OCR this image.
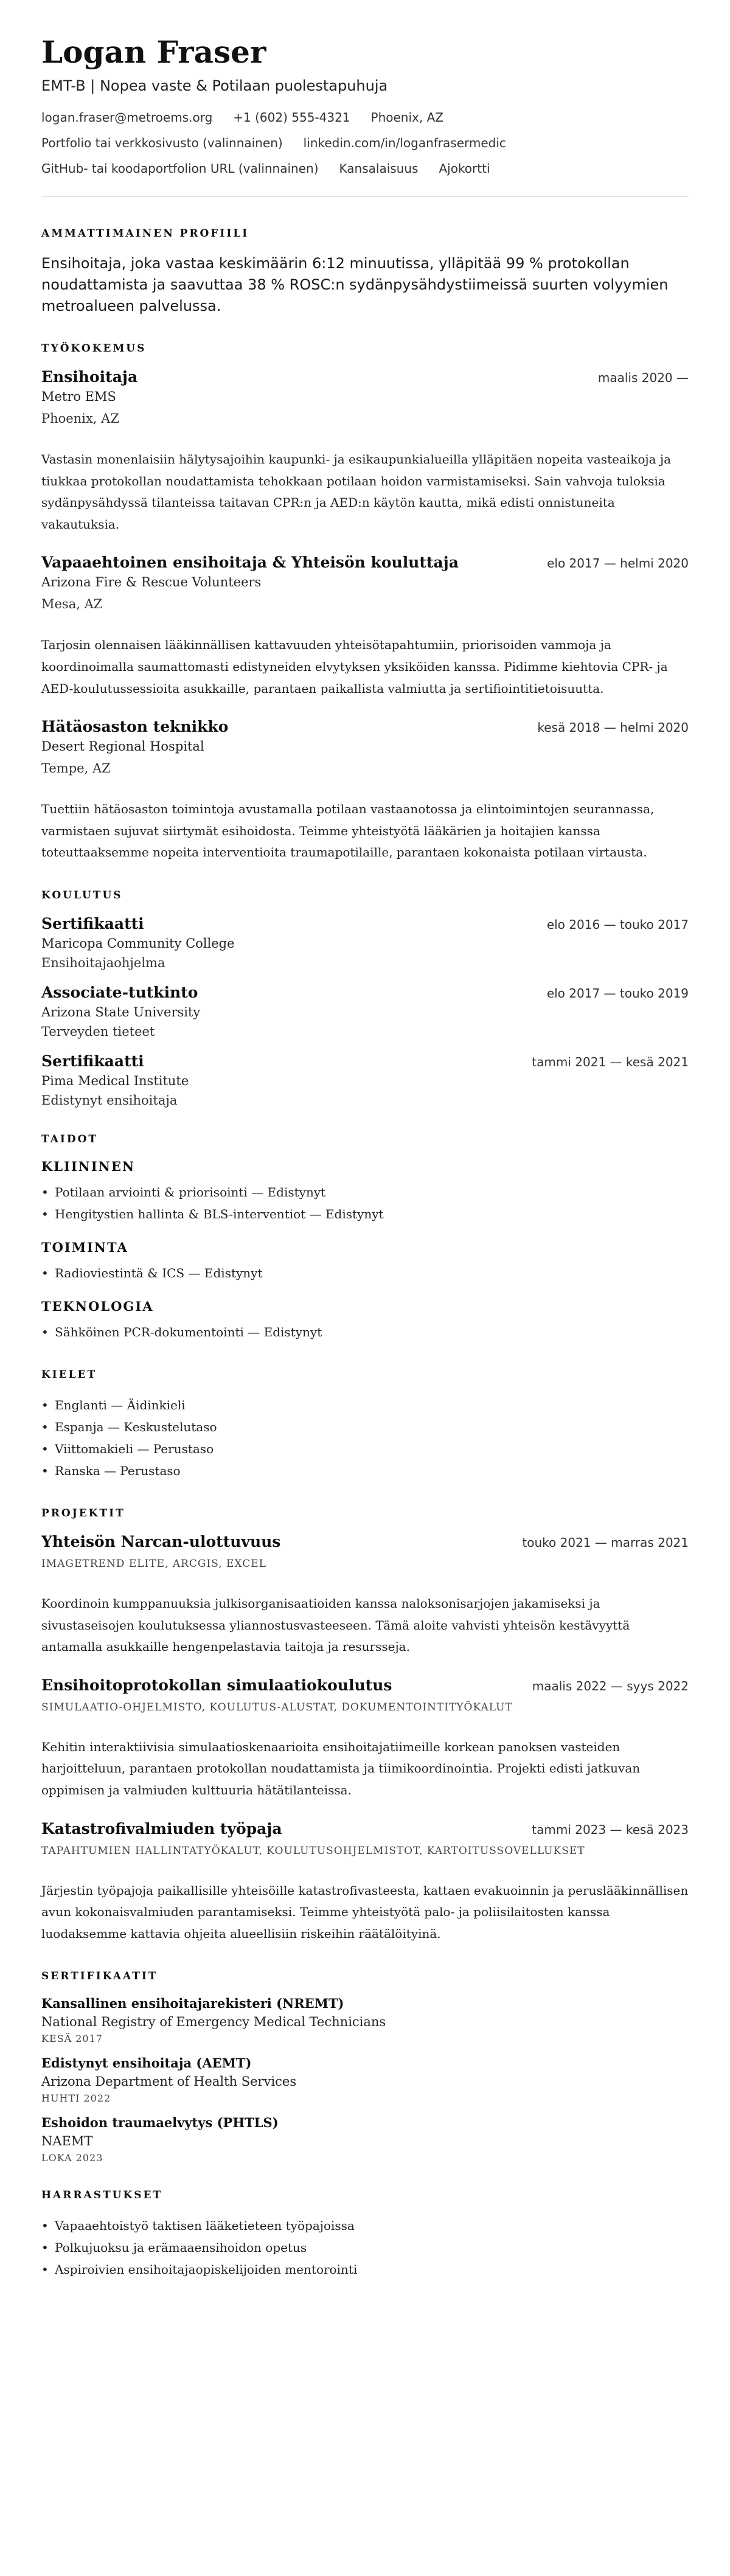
Logan Fraser
EMT-B | Nopea vaste & Potilaan puolestapuhuja
logan.fraser@metroems.org +1 (602) 555-4321 Phoenix, AZ
Portfolio tai verkkosivusto (valinnainen) linkedin.com/in/loganfrasermedic
GitHub- tai koodaportfolion URL (valinnainen) Kansalaisuus Ajokortti
AMMATTIMAINEN PROFIILI

Ensihoitaja, joka vastaa keskimäärin 6:12 minuutissa, ylläpitää 99 % protokollan noudattamista ja saavuttaa 38 % ROSC:n sydänpysähdystiimeissä suurten volyymien metroalueen palvelussa.

TYÖKOKEMUS
Ensihoitaja	maalis 2020 —
Metro EMS
Phoenix, AZ

Vastasin monenlaisiin hälytysajoihin kaupunki- ja esikaupunkialueilla ylläpitäen nopeita vasteaikoja ja tiukkaa protokollan noudattamista tehokkaan potilaan hoidon varmistamiseksi. Sain vahvoja tuloksia sydänpysähdyssä tilanteissa taitavan CPR:n ja AED:n käytön kautta, mikä edisti onnistuneita vakautuksia.

Vapaaehtoinen ensihoitaja & Yhteisön kouluttaja	elo 2017 — helmi 2020
Arizona Fire & Rescue Volunteers
Mesa, AZ

Tarjosin olennaisen lääkinnällisen kattavuuden yhteisötapahtumiin, priorisoiden vammoja ja koordinoimalla saumattomasti edistyneiden elvytyksen yksiköiden kanssa. Pidimme kiehtovia CPR- ja AED-koulutussessioita asukkaille, parantaen paikallista valmiutta ja sertifiointitietoisuutta.

Hätäosaston teknikko	kesä 2018 — helmi 2020
Desert Regional Hospital
Tempe, AZ

Tuettiin hätäosaston toimintoja avustamalla potilaan vastaanotossa ja elintoimintojen seurannassa, varmistaen sujuvat siirtymät esihoidosta. Teimme yhteistyötä lääkärien ja hoitajien kanssa toteuttaaksemme nopeita interventioita traumapotilaille, parantaen kokonaista potilaan virtausta.

KOULUTUS
Sertifikaatti	elo 2016 — touko 2017
Maricopa Community College
Ensihoitajaohjelma
Associate-tutkinto	elo 2017 — touko 2019
Arizona State University
Terveyden tieteet
Sertifikaatti	tammi 2021 — kesä 2021
Pima Medical Institute
Edistynyt ensihoitaja
TAIDOT
KLIININEN
• Potilaan arviointi & priorisointi — Edistynyt
• Hengitystien hallinta & BLS-interventiot — Edistynyt
TOIMINTA
• Radioviestintä & ICS — Edistynyt
TEKNOLOGIA
• Sähköinen PCR-dokumentointi — Edistynyt
KIELET
• Englanti — Äidinkieli
• Espanja — Keskustelutaso
• Viittomakieli — Perustaso
• Ranska — Perustaso
PROJEKTIT
Yhteisön Narcan-ulottuvuus	touko 2021 — marras 2021
IMAGETREND ELITE, ARCGIS, EXCEL

Koordinoin kumppanuuksia julkisorganisaatioiden kanssa naloksonisarjojen jakamiseksi ja sivustaseisojen koulutuksessa yliannostusvasteeseen. Tämä aloite vahvisti yhteisön kestävyyttä antamalla asukkaille hengenpelastavia taitoja ja resursseja.

Ensihoitoprotokollan simulaatiokoulutus	maalis 2022 — syys 2022
SIMULAATIO-OHJELMISTO, KOULUTUS-ALUSTAT, DOKUMENTOINTITYÖKALUT

Kehitin interaktiivisia simulaatioskenaarioita ensihoitajatiimeille korkean panoksen vasteiden harjoitteluun, parantaen protokollan noudattamista ja tiimikoordinointia. Projekti edisti jatkuvan oppimisen ja valmiuden kulttuuria hätätilanteissa.

Katastrofivalmiuden työpaja	tammi 2023 — kesä 2023
TAPAHTUMIEN HALLINTATYÖKALUT, KOULUTUSOHJELMISTOT, KARTOITUSSOVELLUKSET

Järjestin työpajoja paikallisille yhteisöille katastrofivasteesta, kattaen evakuoinnin ja peruslääkinnällisen avun kokonaisvalmiuden parantamiseksi. Teimme yhteistyötä palo- ja poliisilaitosten kanssa luodaksemme kattavia ohjeita alueellisiin riskeihin räätälöityinä.

SERTIFIKAATIT
Kansallinen ensihoitajarekisteri (NREMT)
National Registry of Emergency Medical Technicians
KESÄ 2017
Edistynyt ensihoitaja (AEMT)
Arizona Department of Health Services
HUHTI 2022
Eshoidon traumaelvytys (PHTLS)
NAEMT
LOKA 2023
HARRASTUKSET
• Vapaaehtoistyö taktisen lääketieteen työpajoissa
• Polkujuoksu ja erämaaensihoidon opetus
• Aspiroivien ensihoitajaopiskelijoiden mentorointi
